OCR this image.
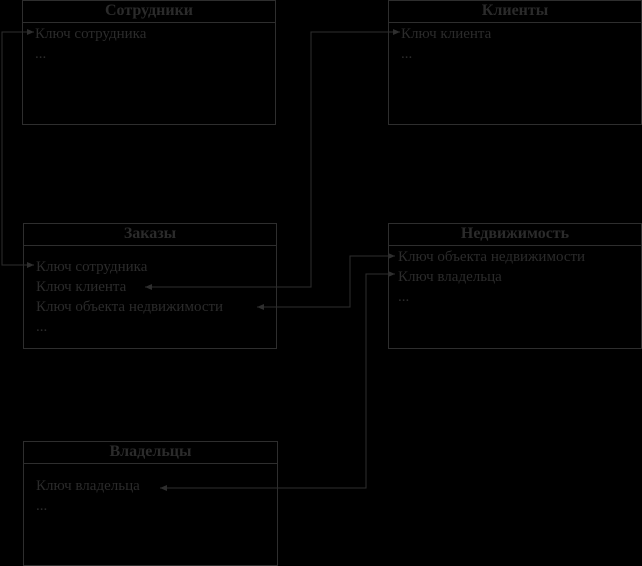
Сотрудники
Ключ сотрудника
...
Клиенты
Ключ клиента
...
Заказы
Ключ сотрудника
Ключ клиента
Ключ объекта недвижимости
...
Недвижимость
Ключ объекта недвижимости
Ключ владельца
...
Владельцы
Ключ владельца
...
